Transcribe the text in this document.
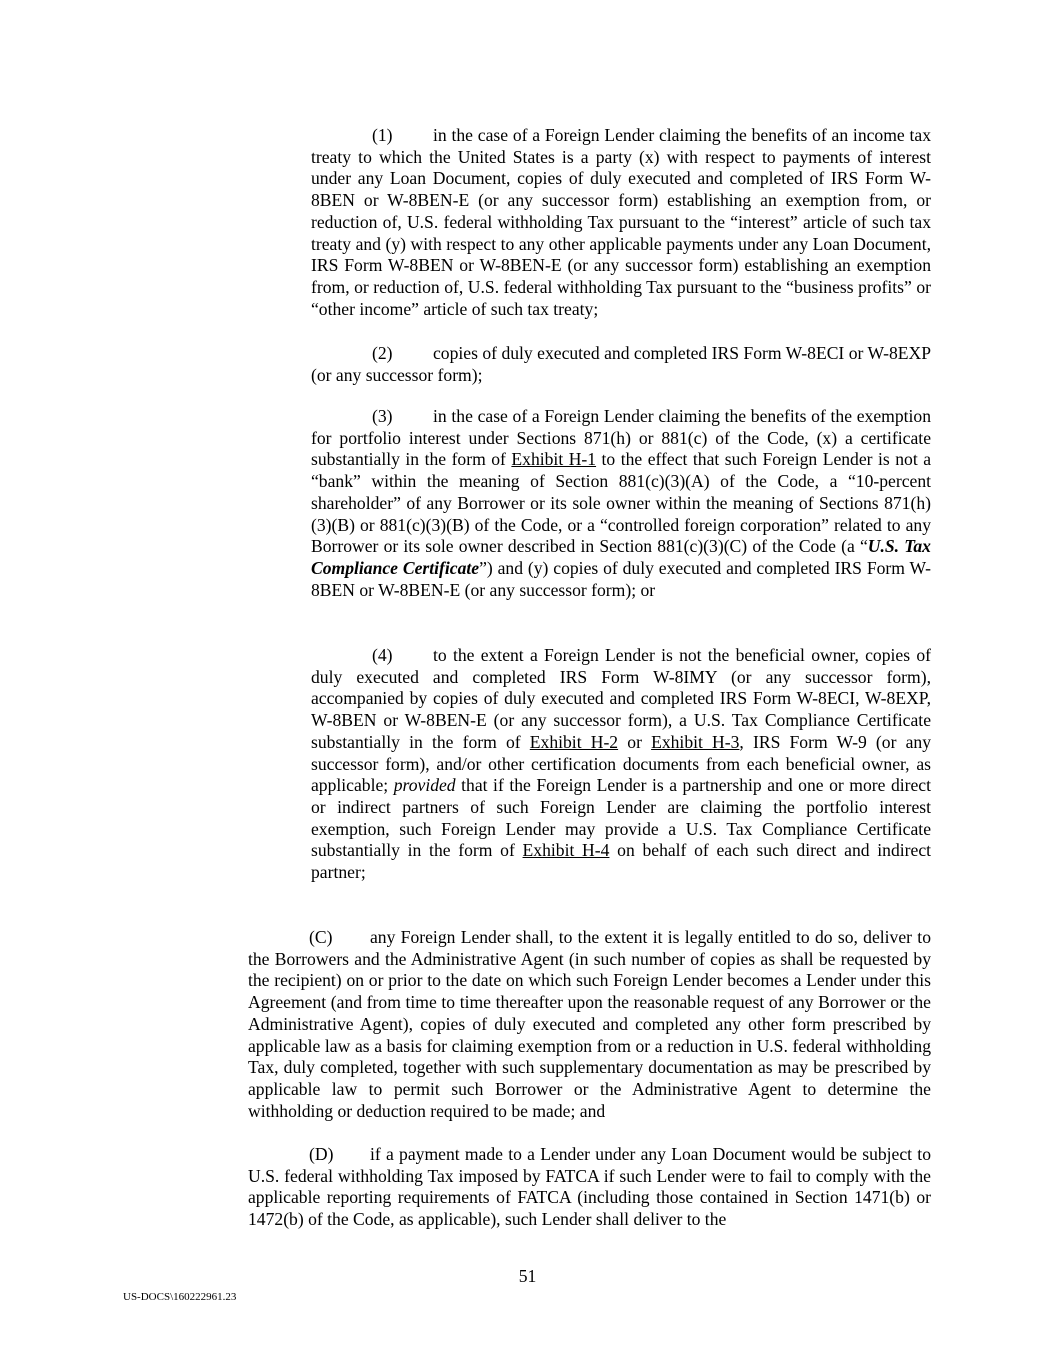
(1) in the case of a Foreign Lender claiming the benefits of an income tax treaty to which the United States is a party (x) with respect to payments of interest under any Loan Document, copies of duly executed and completed of IRS Form W-8BEN or W-8BEN-E (or any successor form) establishing an exemption from, or reduction of, U.S. federal withholding Tax pursuant to the “interest” article of such tax treaty and (y) with respect to any other applicable payments under any Loan Document, IRS Form W-8BEN or W-8BEN-E (or any successor form) establishing an exemption from, or reduction of, U.S. federal withholding Tax pursuant to the “business profits” or “other income” article of such tax treaty;

(2) copies of duly executed and completed IRS Form W-8ECI or W-8EXP (or any successor form);

(3) in the case of a Foreign Lender claiming the benefits of the exemption for portfolio interest under Sections 871(h) or 881(c) of the Code, (x) a certificate substantially in the form of Exhibit H-1 to the effect that such Foreign Lender is not a “bank” within the meaning of Section 881(c)(3)(A) of the Code, a “10-percent shareholder” of any Borrower or its sole owner within the meaning of Sections 871(h)(3)(B) or 881(c)(3)(B) of the Code, or a “controlled foreign corporation” related to any Borrower or its sole owner described in Section 881(c)(3)(C) of the Code (a “U.S. Tax Compliance Certificate”) and (y) copies of duly executed and completed IRS Form W-8BEN or W-8BEN-E (or any successor form); or

(4) to the extent a Foreign Lender is not the beneficial owner, copies of duly executed and completed IRS Form W-8IMY (or any successor form), accompanied by copies of duly executed and completed IRS Form W-8ECI, W-8EXP, W-8BEN or W-8BEN-E (or any successor form), a U.S. Tax Compliance Certificate substantially in the form of Exhibit H-2 or Exhibit H-3, IRS Form W-9 (or any successor form), and/or other certification documents from each beneficial owner, as applicable; provided that if the Foreign Lender is a partnership and one or more direct or indirect partners of such Foreign Lender are claiming the portfolio interest exemption, such Foreign Lender may provide a U.S. Tax Compliance Certificate substantially in the form of Exhibit H-4 on behalf of each such direct and indirect partner;

(C) any Foreign Lender shall, to the extent it is legally entitled to do so, deliver to the Borrowers and the Administrative Agent (in such number of copies as shall be requested by the recipient) on or prior to the date on which such Foreign Lender becomes a Lender under this Agreement (and from time to time thereafter upon the reasonable request of any Borrower or the Administrative Agent), copies of duly executed and completed any other form prescribed by applicable law as a basis for claiming exemption from or a reduction in U.S. federal withholding Tax, duly completed, together with such supplementary documentation as may be prescribed by applicable law to permit such Borrower or the Administrative Agent to determine the withholding or deduction required to be made; and

(D) if a payment made to a Lender under any Loan Document would be subject to U.S. federal withholding Tax imposed by FATCA if such Lender were to fail to comply with the applicable reporting requirements of FATCA (including those contained in Section 1471(b) or 1472(b) of the Code, as applicable), such Lender shall deliver to the

51
US-DOCS\160222961.23
